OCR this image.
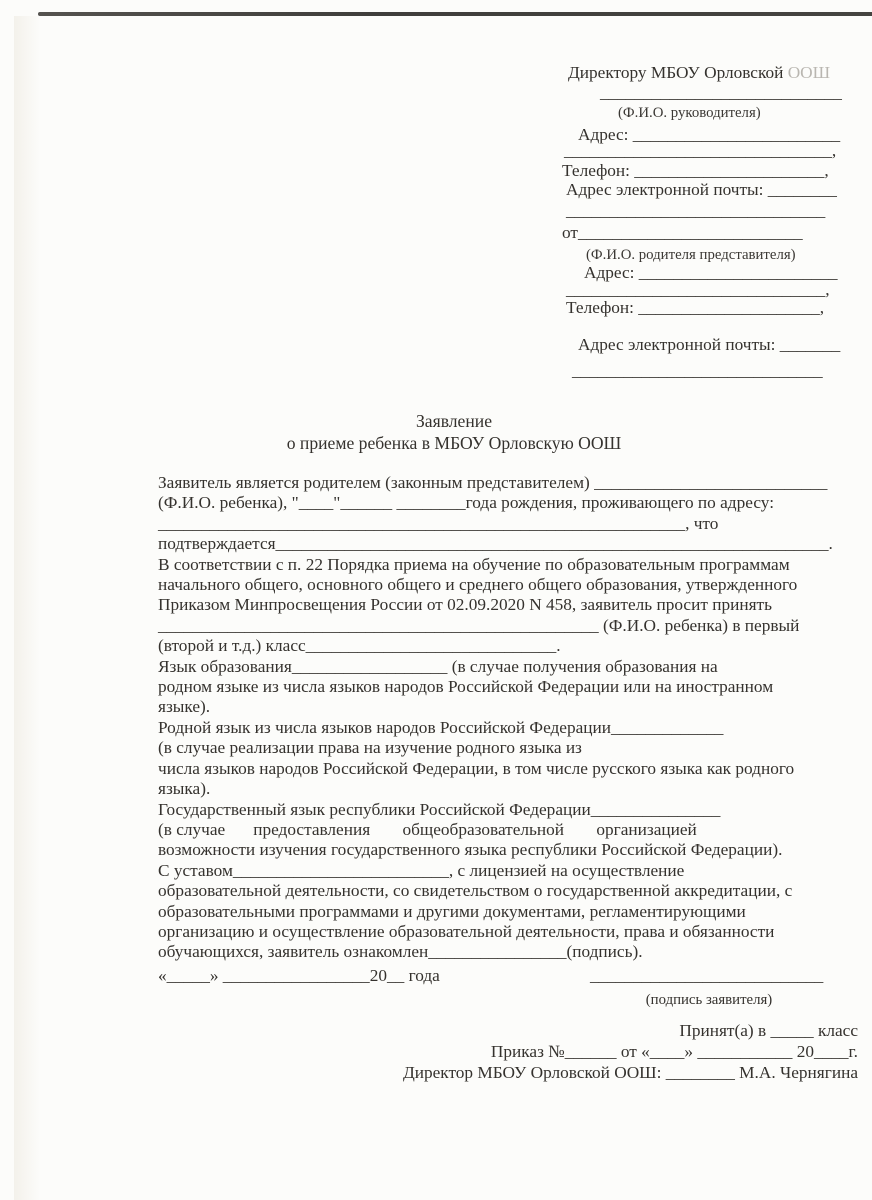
Директору МБОУ Орловской ООШ
____________________________
(Ф.И.О. руководителя)
Адрес: ________________________
_______________________________,
Телефон: ______________________,
Адрес электронной почты: ________
______________________________
от__________________________
(Ф.И.О. родителя представителя)
Адрес: _______________________
______________________________,
Телефон: _____________________,
Адрес электронной почты: _______
_____________________________
Заявление
о приеме ребенка в МБОУ Орловскую ООШ
Заявитель является родителем (законным представителем) ___________________________
(Ф.И.О. ребенка), "____"______ ________года рождения, проживающего по адресу:
_____________________________________________________________, что
подтверждается________________________________________________________________.
В соответствии с п. 22 Порядка приема на обучение по образовательным программам
начального общего, основного общего и среднего общего образования, утвержденного
Приказом Минпросвещения России от 02.09.2020 N 458, заявитель просит принять
___________________________________________________ (Ф.И.О. ребенка) в первый
(второй и т.д.) класс_____________________________.
Язык образования__________________ (в случае получения образования на
родном языке из числа языков народов Российской Федерации или на иностранном
языке).
Родной язык из числа языков народов Российской Федерации_____________
(в случае реализации права на изучение родного языка из
числа языков народов Российской Федерации, в том числе русского языка как родного
языка).
Государственный язык республики Российской Федерации_______________
(в случае предоставления общеобразовательной организацией
возможности изучения государственного языка республики Российской Федерации).
С уставом_________________________, с лицензией на осуществление
образовательной деятельности, со свидетельством о государственной аккредитации, с
образовательными программами и другими документами, регламентирующими
организацию и осуществление образовательной деятельности, права и обязанности
обучающихся, заявитель ознакомлен________________(подпись).
«_____» _________________20__ года	___________________________
(подпись заявителя)
Принят(а) в _____ класс
Приказ №______ от «____» ___________ 20____г.
Директор МБОУ Орловской ООШ: ________ М.А. Чернягина
